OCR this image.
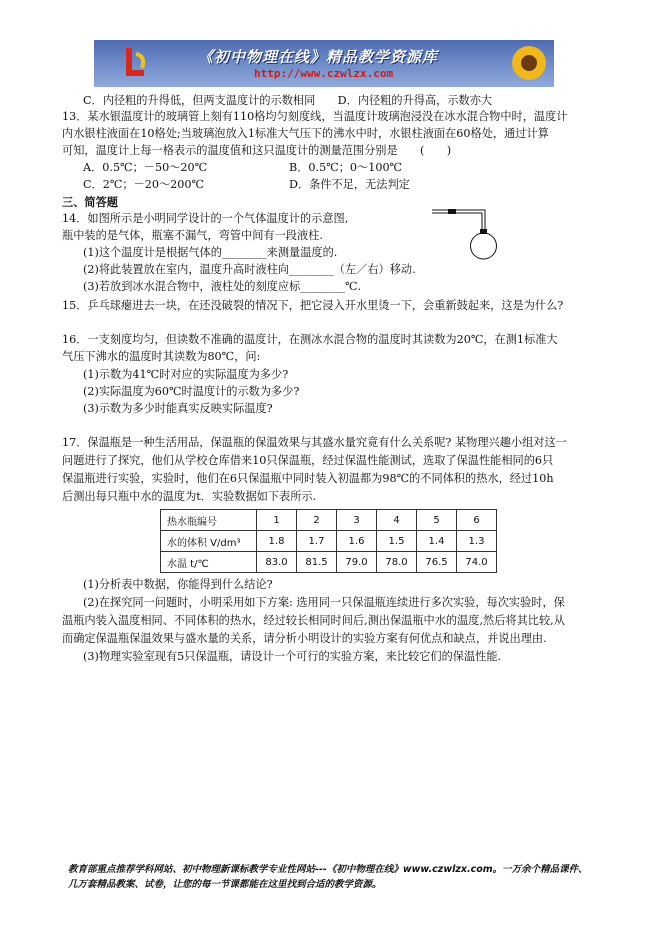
《初中物理在线》精品教学资源库
http://www.czwlzx.com
C．内径粗的升得低，但两支温度计的示数相同　　D．内径粗的升得高，示数亦大
13．某水银温度计的玻璃管上刻有110格均匀刻度线，当温度计玻璃泡浸没在冰水混合物中时，温度计
内水银柱液面在10格处;当玻璃泡放入1标准大气压下的沸水中时，水银柱液面在60格处，通过计算
可知，温度计上每一格表示的温度值和这只温度计的测量范围分别是　　(　　)
A．0.5℃；－50～20℃	B．0.5℃；0～100℃
C．2℃；－20～200℃	D．条件不足，无法判定
三、简答题
14．如图所示是小明同学设计的一个气体温度计的示意图,
瓶中装的是气体，瓶塞不漏气，弯管中间有一段液柱.
(1)这个温度计是根据气体的________来测量温度的.
(2)将此装置放在室内，温度升高时液柱向________（左／右）移动.
(3)若放到冰水混合物中，液柱处的刻度应标________℃.
15．乒乓球瘪进去一块，在还没破裂的情况下，把它浸入开水里烫一下，会重新鼓起来，这是为什么?
16．一支刻度均匀，但读数不准确的温度计，在测冰水混合物的温度时其读数为20℃，在测1标准大
气压下沸水的温度时其读数为80℃，问:
(1)示数为41℃时对应的实际温度为多少?
(2)实际温度为60℃时温度计的示数为多少?
(3)示数为多少时能真实反映实际温度?
17．保温瓶是一种生活用品，保温瓶的保温效果与其盛水量究竟有什么关系呢? 某物理兴趣小组对这一
问题进行了探究，他们从学校仓库借来10只保温瓶，经过保温性能测试，选取了保温性能相同的6只
保温瓶进行实验，实验时，他们在6只保温瓶中同时装入初温都为98℃的不同体积的热水，经过10h
后测出每只瓶中水的温度为t．实验数据如下表所示.
热水瓶编号	1	2	3	4	5	6
水的体积 V/dm³	1.8	1.7	1.6	1.5	1.4	1.3
水温 t/℃	83.0	81.5	79.0	78.0	76.5	74.0
(1)分析表中数据，你能得到什么结论?
(2)在探究同一问题时，小明采用如下方案: 选用同一只保温瓶连续进行多次实验，每次实验时，保
温瓶内装入温度相同、不同体积的热水，经过较长相同时间后,测出保温瓶中水的温度,然后将其比较,从
而确定保温瓶保温效果与盛水量的关系，请分析小明设计的实验方案有何优点和缺点，并说出理由.
(3)物理实验室现有5只保温瓶，请设计一个可行的实验方案，来比较它们的保温性能.
教育部重点推荐学科网站、初中物理新课标教学专业性网站---《初中物理在线》www.czwlzx.com。一万余个精品课件、
几万套精品教案、试卷，让您的每一节课都能在这里找到合适的教学资源。
